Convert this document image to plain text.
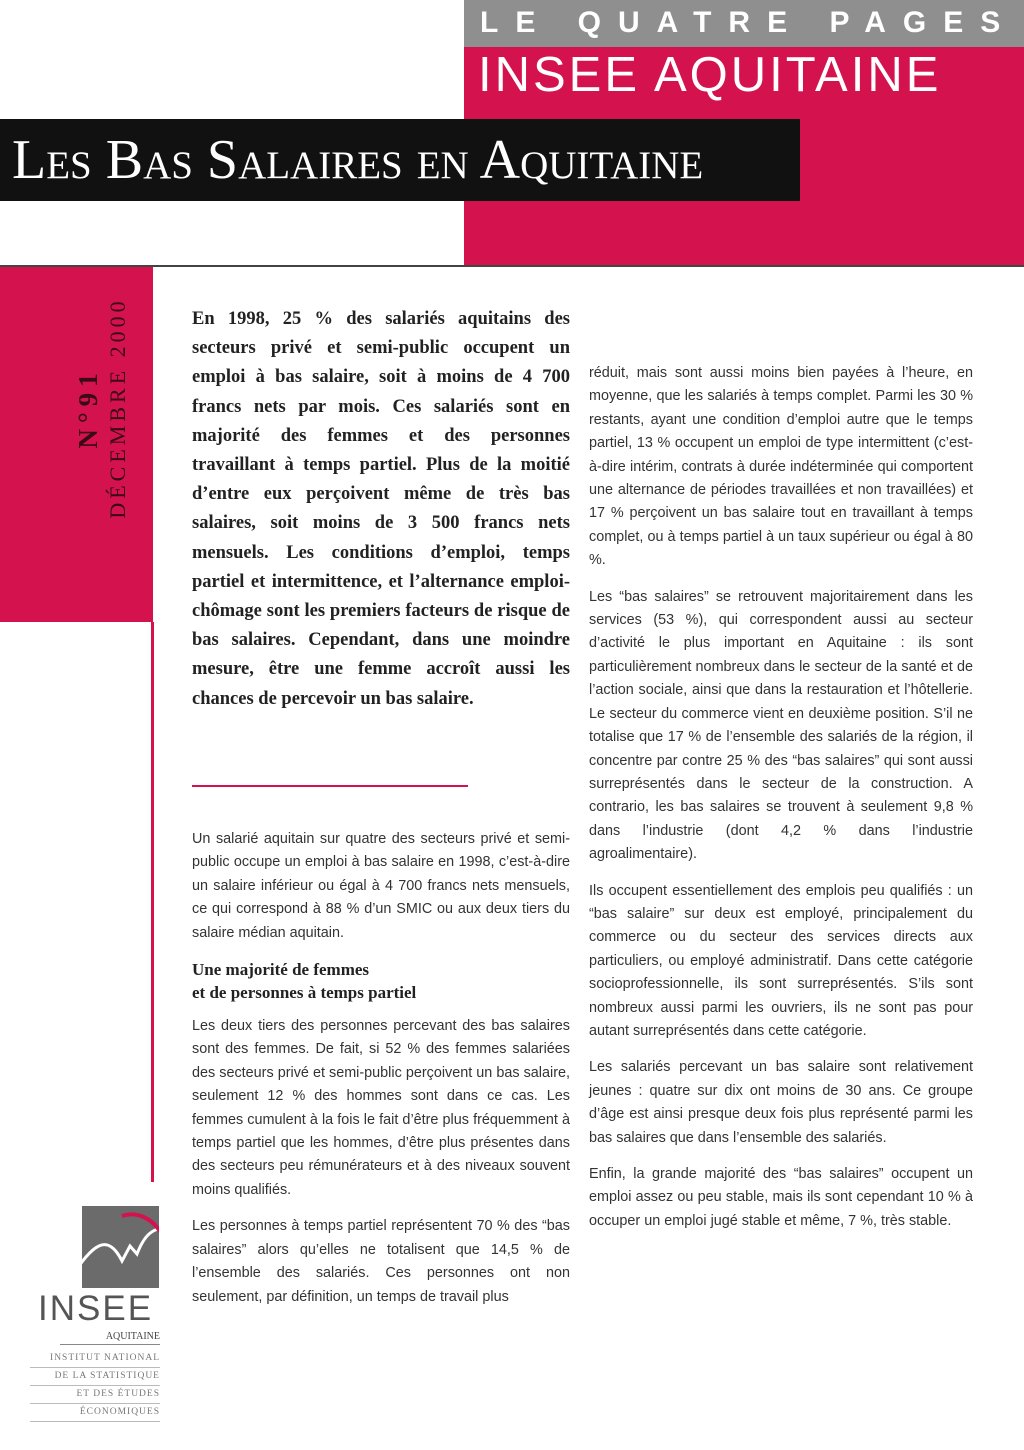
LE QUATRE PAGES
INSEE AQUITAINE
Les Bas Salaires en Aquitaine
N°91 DÉCEMBRE 2000	En 1998, 25 % des salariés aquitains des secteurs privé et semi-public occupent un emploi à bas salaire, soit à moins de 4 700 francs nets par mois. Ces salariés sont en majorité des femmes et des personnes travaillant à temps partiel. Plus de la moitié d’entre eux perçoivent même de très bas salaires, soit moins de 3 500 francs nets mensuels. Les conditions d’emploi, temps partiel et intermittence, et l’alternance emploi-chômage sont les premiers facteurs de risque de bas salaires. Cependant, dans une moindre mesure, être une femme accroît aussi les chances de percevoir un bas salaire.

Un salarié aquitain sur quatre des secteurs privé et semi-public occupe un emploi à bas salaire en 1998, c’est-à-dire un salaire inférieur ou égal à 4 700 francs nets mensuels, ce qui correspond à 88 % d’un SMIC ou aux deux tiers du salaire médian aquitain.

Une majorité de femmes
et de personnes à temps partiel

Les deux tiers des personnes percevant des bas salaires sont des femmes. De fait, si 52 % des femmes salariées des secteurs privé et semi-public perçoivent un bas salaire, seulement 12 % des hommes sont dans ce cas. Les femmes cumulent à la fois le fait d’être plus fréquemment à temps partiel que les hommes, d’être plus présentes dans des secteurs peu rémunérateurs et à des niveaux souvent moins qualifiés.

Les personnes à temps partiel représentent 70 % des “bas salaires” alors qu’elles ne totalisent que 14,5 % de l’ensemble des salariés. Ces personnes ont non seulement, par définition, un temps de travail plus

réduit, mais sont aussi moins bien payées à l’heure, en moyenne, que les salariés à temps complet. Parmi les 30 % restants, ayant une condition d’emploi autre que le temps partiel, 13 % occupent un emploi de type intermittent (c’est-à-dire intérim, contrats à durée indéterminée qui comportent une alternance de périodes travaillées et non travaillées) et 17 % perçoivent un bas salaire tout en travaillant à temps complet, ou à temps partiel à un taux supérieur ou égal à 80 %.

Les “bas salaires” se retrouvent majoritairement dans les services (53 %), qui correspondent aussi au secteur d’activité le plus important en Aquitaine : ils sont particulièrement nombreux dans le secteur de la santé et de l’action sociale, ainsi que dans la restauration et l’hôtellerie. Le secteur du commerce vient en deuxième position. S’il ne totalise que 17 % de l’ensemble des salariés de la région, il concentre par contre 25 % des “bas salaires” qui sont aussi surreprésentés dans le secteur de la construction. A contrario, les bas salaires se trouvent à seulement 9,8 % dans l’industrie (dont 4,2 % dans l’industrie agroalimentaire).

Ils occupent essentiellement des emplois peu qualifiés : un “bas salaire” sur deux est employé, principalement du commerce ou du secteur des services directs aux particuliers, ou employé administratif. Dans cette catégorie socioprofessionnelle, ils sont surreprésentés. S’ils sont nombreux aussi parmi les ouvriers, ils ne sont pas pour autant surreprésentés dans cette catégorie.

Les salariés percevant un bas salaire sont relativement jeunes : quatre sur dix ont moins de 30 ans. Ce groupe d’âge est ainsi presque deux fois plus représenté parmi les bas salaires que dans l’ensemble des salariés.

Enfin, la grande majorité des “bas salaires” occupent un emploi assez ou peu stable, mais ils sont cependant 10 % à occuper un emploi jugé stable et même, 7 %, très stable.

INSEE
AQUITAINE
INSTITUT NATIONAL
DE LA STATISTIQUE
ET DES ÉTUDES
ÉCONOMIQUES
